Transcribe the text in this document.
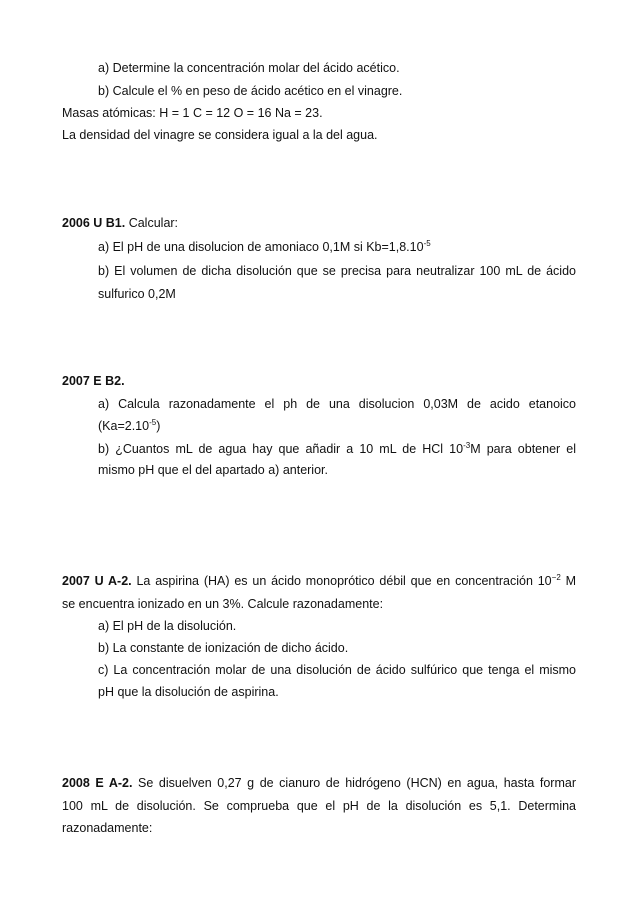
a) Determine la concentración molar del ácido acético.
b) Calcule el % en peso de ácido acético en el vinagre.
Masas atómicas: H = 1 C = 12 O = 16 Na = 23.
La densidad del vinagre se considera igual a la del agua.
2006 U B1. Calcular:
a) El pH de una disolucion de amoniaco 0,1M si $Kb=1,8.10^{-5}$
b) El volumen de dicha disolución que se precisa para neutralizar 100 mL de ácido
sulfurico 0,2M
2007 E B2.
a) Calcula razonadamente el ph de una disolucion 0,03M de acido etanoico
$(Ka=2.10^{-5})$
b) ¿Cuantos mL de agua hay que añadir a 10 mL de HCl $10^{-3}M$ para obtener el
mismo pH que el del apartado a) anterior.
2007 U A-2. La aspirina (HA) es un ácido monoprótico débil que en concentración $10^{-2}$ M
se encuentra ionizado en un 3%. Calcule razonadamente:
a) El pH de la disolución.
b) La constante de ionización de dicho ácido.
c) La concentración molar de una disolución de ácido sulfúrico que tenga el mismo
pH que la disolución de aspirina.
2008 E A-2. Se disuelven 0,27 g de cianuro de hidrógeno (HCN) en agua, hasta formar
100 mL de disolución. Se comprueba que el pH de la disolución es 5,1. Determina
razonadamente:
